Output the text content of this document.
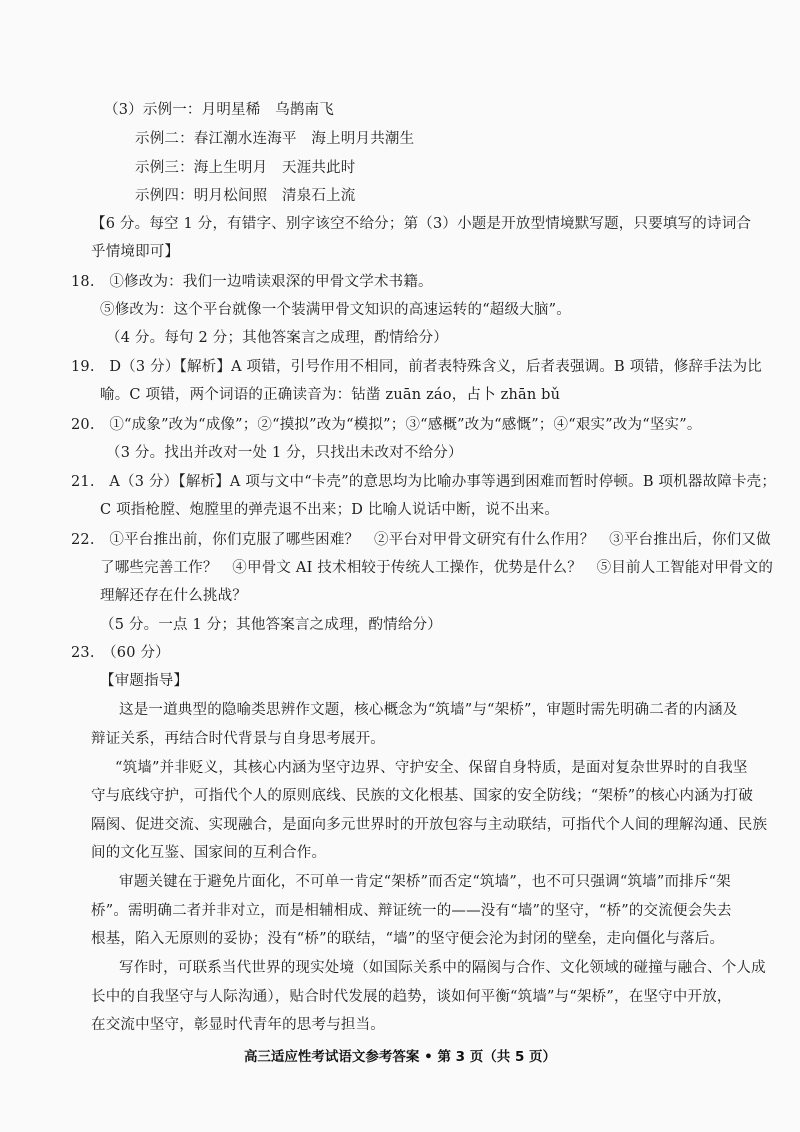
（3）示例一：月明星稀　乌鹊南飞
示例二：春江潮水连海平　海上明月共潮生
示例三：海上生明月　天涯共此时
示例四：明月松间照　清泉石上流
【6 分。每空 1 分，有错字、别字该空不给分；第（3）小题是开放型情境默写题，只要填写的诗词合
乎情境即可】
18.　①修改为：我们一边啃读艰深的甲骨文学术书籍。
⑤修改为：这个平台就像一个装满甲骨文知识的高速运转的“超级大脑”。
（4 分。每句 2 分；其他答案言之成理，酌情给分）
19.　D（3 分）【解析】A 项错，引号作用不相同，前者表特殊含义，后者表强调。B 项错，修辞手法为比
喻。C 项错，两个词语的正确读音为：钻凿 zuān záo，占卜 zhān bǔ
20.　①“成象”改为“成像”；②“摸拟”改为“模拟”；③“感概”改为“感慨”；④“艰实”改为“坚实”。
（3 分。找出并改对一处 1 分，只找出未改对不给分）
21.　A（3 分）【解析】A 项与文中“卡壳”的意思均为比喻办事等遇到困难而暂时停顿。B 项机器故障卡壳；
C 项指枪膛、炮膛里的弹壳退不出来；D 比喻人说话中断，说不出来。
22.　①平台推出前，你们克服了哪些困难？　②平台对甲骨文研究有什么作用？　③平台推出后，你们又做
了哪些完善工作？　④甲骨文 AI 技术相较于传统人工操作，优势是什么？　⑤目前人工智能对甲骨文的
理解还存在什么挑战？
（5 分。一点 1 分；其他答案言之成理，酌情给分）
23.　（60 分）
【审题指导】
这是一道典型的隐喻类思辨作文题，核心概念为“筑墙”与“架桥”，审题时需先明确二者的内涵及
辩证关系，再结合时代背景与自身思考展开。
“筑墙”并非贬义，其核心内涵为坚守边界、守护安全、保留自身特质，是面对复杂世界时的自我坚
守与底线守护，可指代个人的原则底线、民族的文化根基、国家的安全防线；“架桥”的核心内涵为打破
隔阂、促进交流、实现融合，是面向多元世界时的开放包容与主动联结，可指代个人间的理解沟通、民族
间的文化互鉴、国家间的互利合作。
审题关键在于避免片面化，不可单一肯定“架桥”而否定“筑墙”，也不可只强调“筑墙”而排斥“架
桥”。需明确二者并非对立，而是相辅相成、辩证统一的——没有“墙”的坚守，“桥”的交流便会失去
根基，陷入无原则的妥协；没有“桥”的联结，“墙”的坚守便会沦为封闭的壁垒，走向僵化与落后。
写作时，可联系当代世界的现实处境（如国际关系中的隔阂与合作、文化领域的碰撞与融合、个人成
长中的自我坚守与人际沟通），贴合时代发展的趋势，谈如何平衡“筑墙”与“架桥”，在坚守中开放，
在交流中坚守，彰显时代青年的思考与担当。
高三适应性考试语文参考答案 • 第 3 页（共 5 页）
